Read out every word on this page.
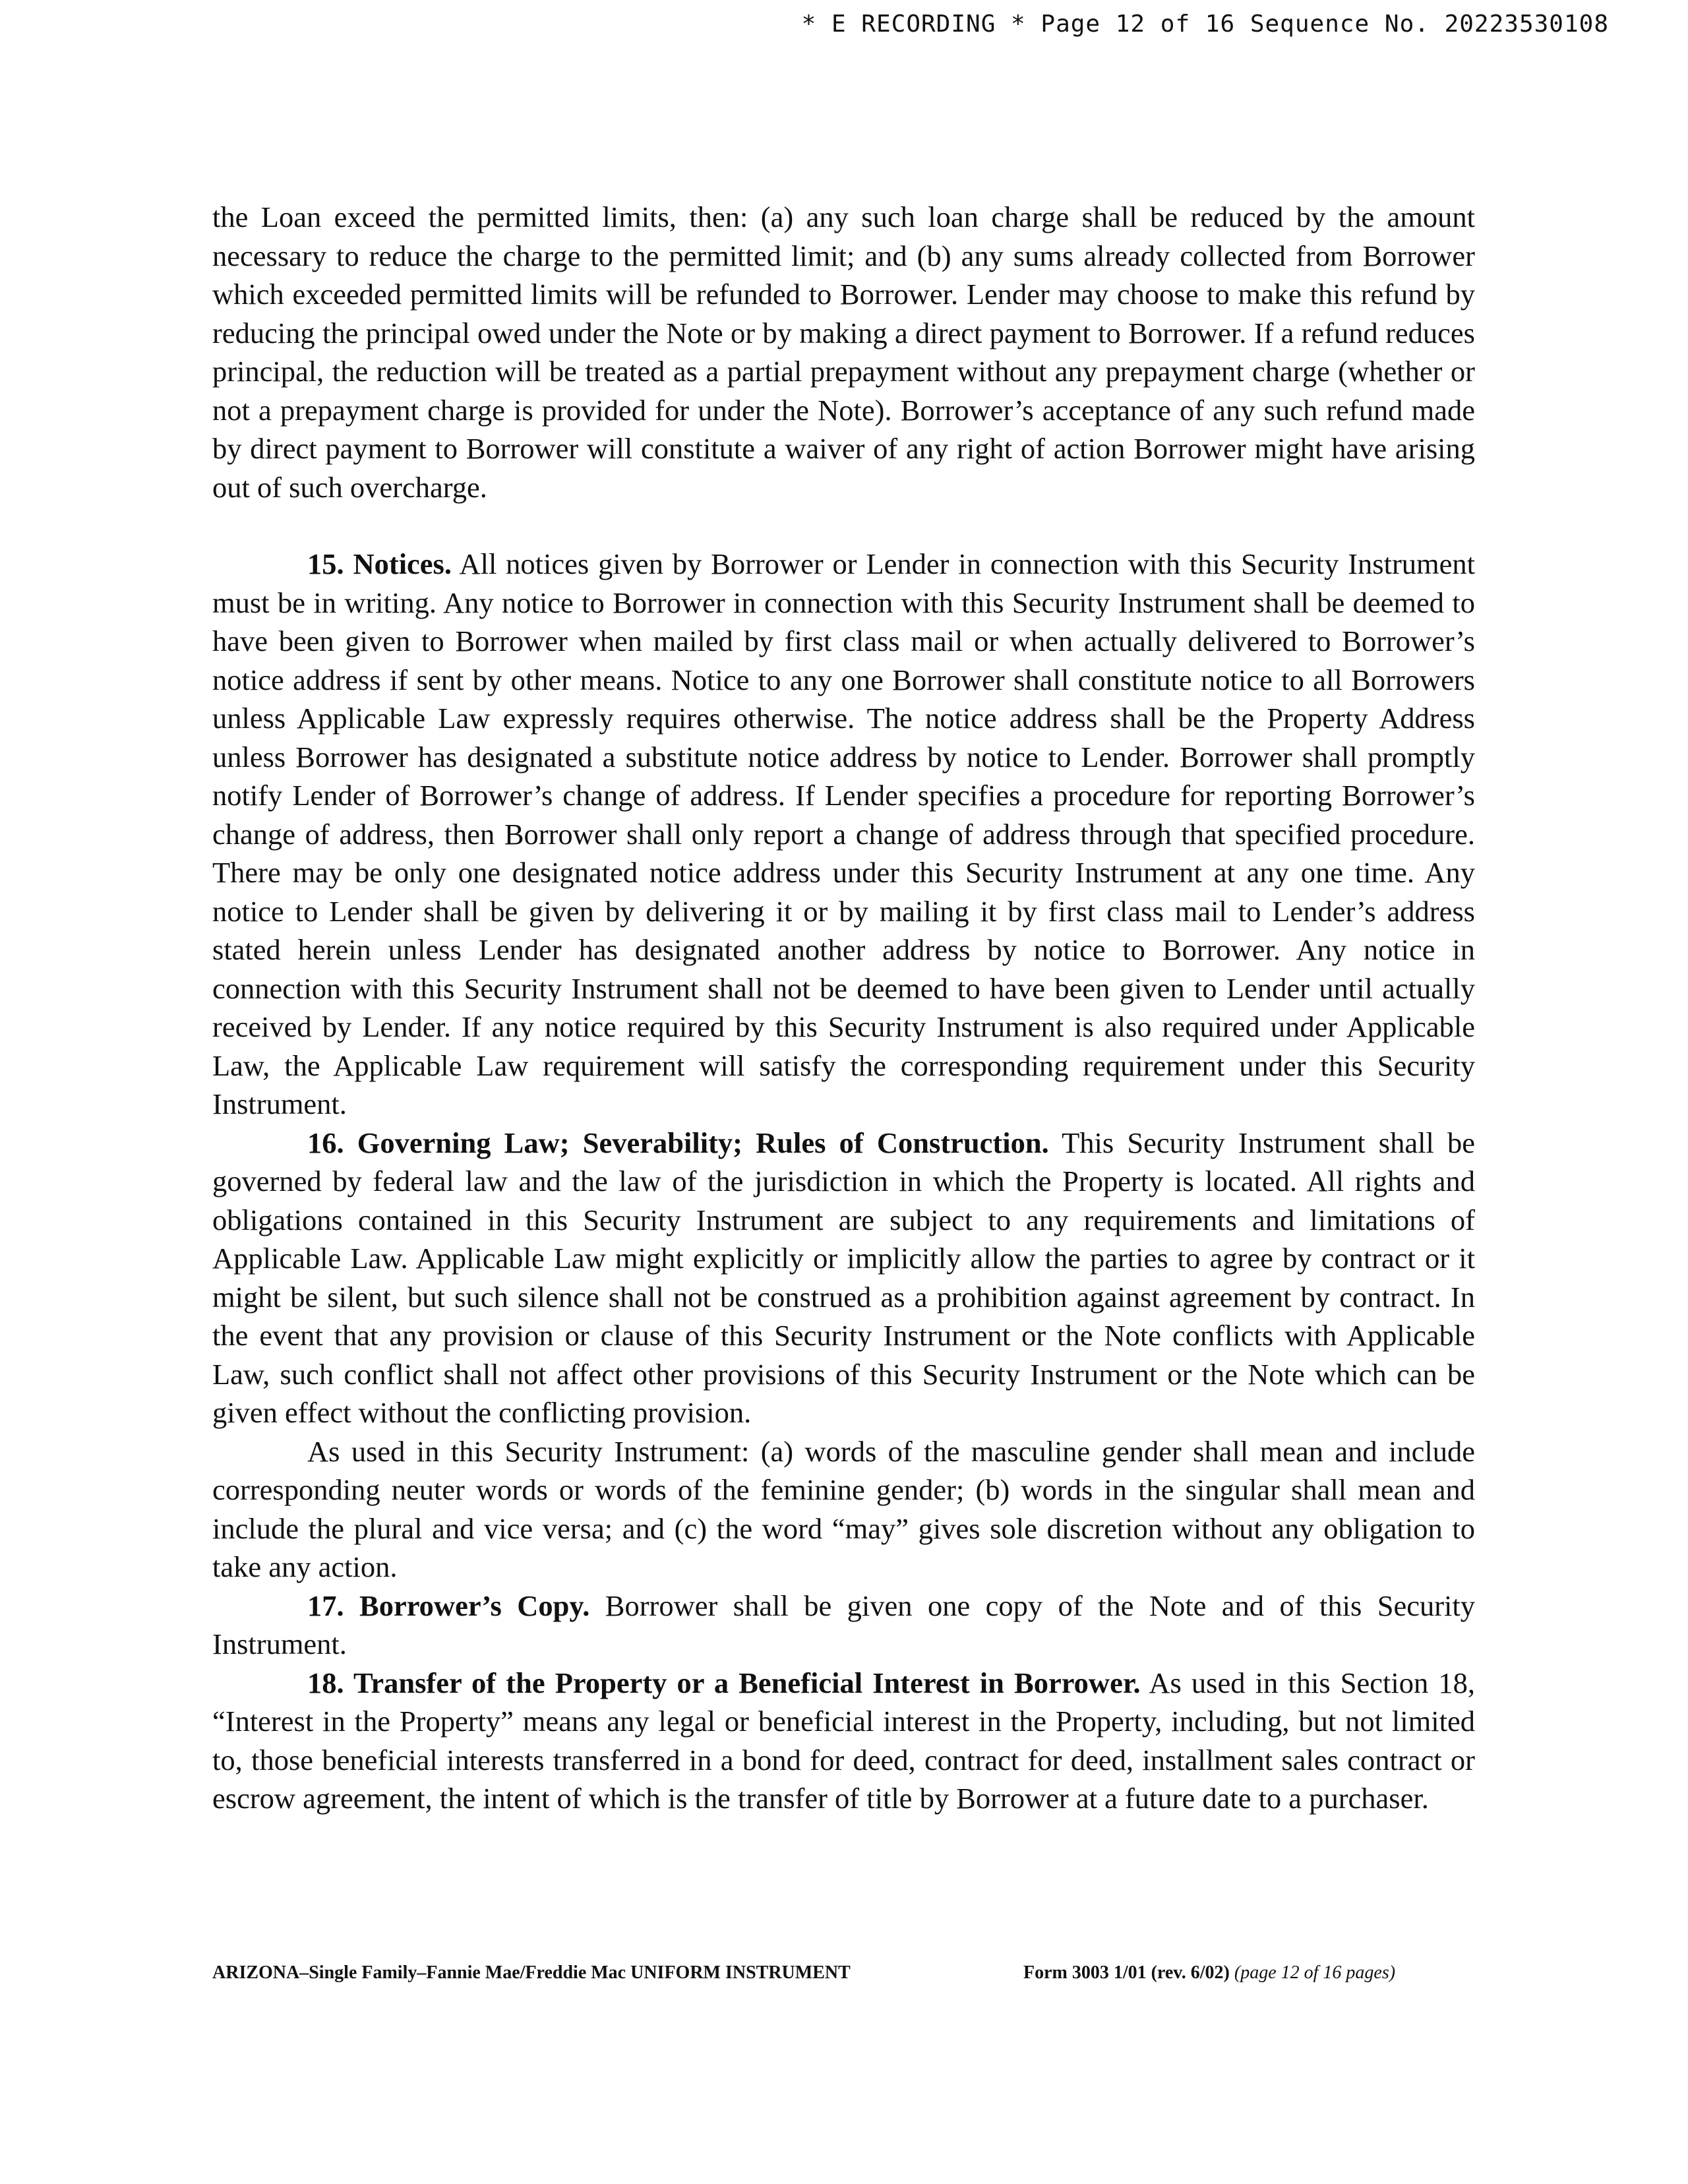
* E RECORDING * Page 12 of 16 Sequence No. 20223530108

the Loan exceed the permitted limits, then: (a) any such loan charge shall be reduced by the amount necessary to reduce the charge to the permitted limit; and (b) any sums already collected from Borrower which exceeded permitted limits will be refunded to Borrower. Lender may choose to make this refund by reducing the principal owed under the Note or by making a direct payment to Borrower. If a refund reduces principal, the reduction will be treated as a partial prepayment without any prepayment charge (whether or not a prepayment charge is provided for under the Note). Borrower’s acceptance of any such refund made by direct payment to Borrower will constitute a waiver of any right of action Borrower might have arising out of such overcharge.

15. Notices. All notices given by Borrower or Lender in connection with this Security Instrument must be in writing. Any notice to Borrower in connection with this Security Instrument shall be deemed to have been given to Borrower when mailed by first class mail or when actually delivered to Borrower’s notice address if sent by other means. Notice to any one Borrower shall constitute notice to all Borrowers unless Applicable Law expressly requires otherwise. The notice address shall be the Property Address unless Borrower has designated a substitute notice address by notice to Lender. Borrower shall promptly notify Lender of Borrower’s change of address. If Lender specifies a procedure for reporting Borrower’s change of address, then Borrower shall only report a change of address through that specified procedure. There may be only one designated notice address under this Security Instrument at any one time. Any notice to Lender shall be given by delivering it or by mailing it by first class mail to Lender’s address stated herein unless Lender has designated another address by notice to Borrower. Any notice in connection with this Security Instrument shall not be deemed to have been given to Lender until actually received by Lender. If any notice required by this Security Instrument is also required under Applicable Law, the Applicable Law requirement will satisfy the corresponding requirement under this Security Instrument.

16. Governing Law; Severability; Rules of Construction. This Security Instrument shall be governed by federal law and the law of the jurisdiction in which the Property is located. All rights and obligations contained in this Security Instrument are subject to any requirements and limitations of Applicable Law. Applicable Law might explicitly or implicitly allow the parties to agree by contract or it might be silent, but such silence shall not be construed as a prohibition against agreement by contract. In the event that any provision or clause of this Security Instrument or the Note conflicts with Applicable Law, such conflict shall not affect other provisions of this Security Instrument or the Note which can be given effect without the conflicting provision.

As used in this Security Instrument: (a) words of the masculine gender shall mean and include corresponding neuter words or words of the feminine gender; (b) words in the singular shall mean and include the plural and vice versa; and (c) the word “may” gives sole discretion without any obligation to take any action.

17. Borrower’s Copy. Borrower shall be given one copy of the Note and of this Security Instrument.

18. Transfer of the Property or a Beneficial Interest in Borrower. As used in this Section 18, “Interest in the Property” means any legal or beneficial interest in the Property, including, but not limited to, those beneficial interests transferred in a bond for deed, contract for deed, installment sales contract or escrow agreement, the intent of which is the transfer of title by Borrower at a future date to a purchaser.

ARIZONA–Single Family–Fannie Mae/Freddie Mac UNIFORM INSTRUMENT	Form 3003 1/01 (rev. 6/02) (page 12 of 16 pages)
